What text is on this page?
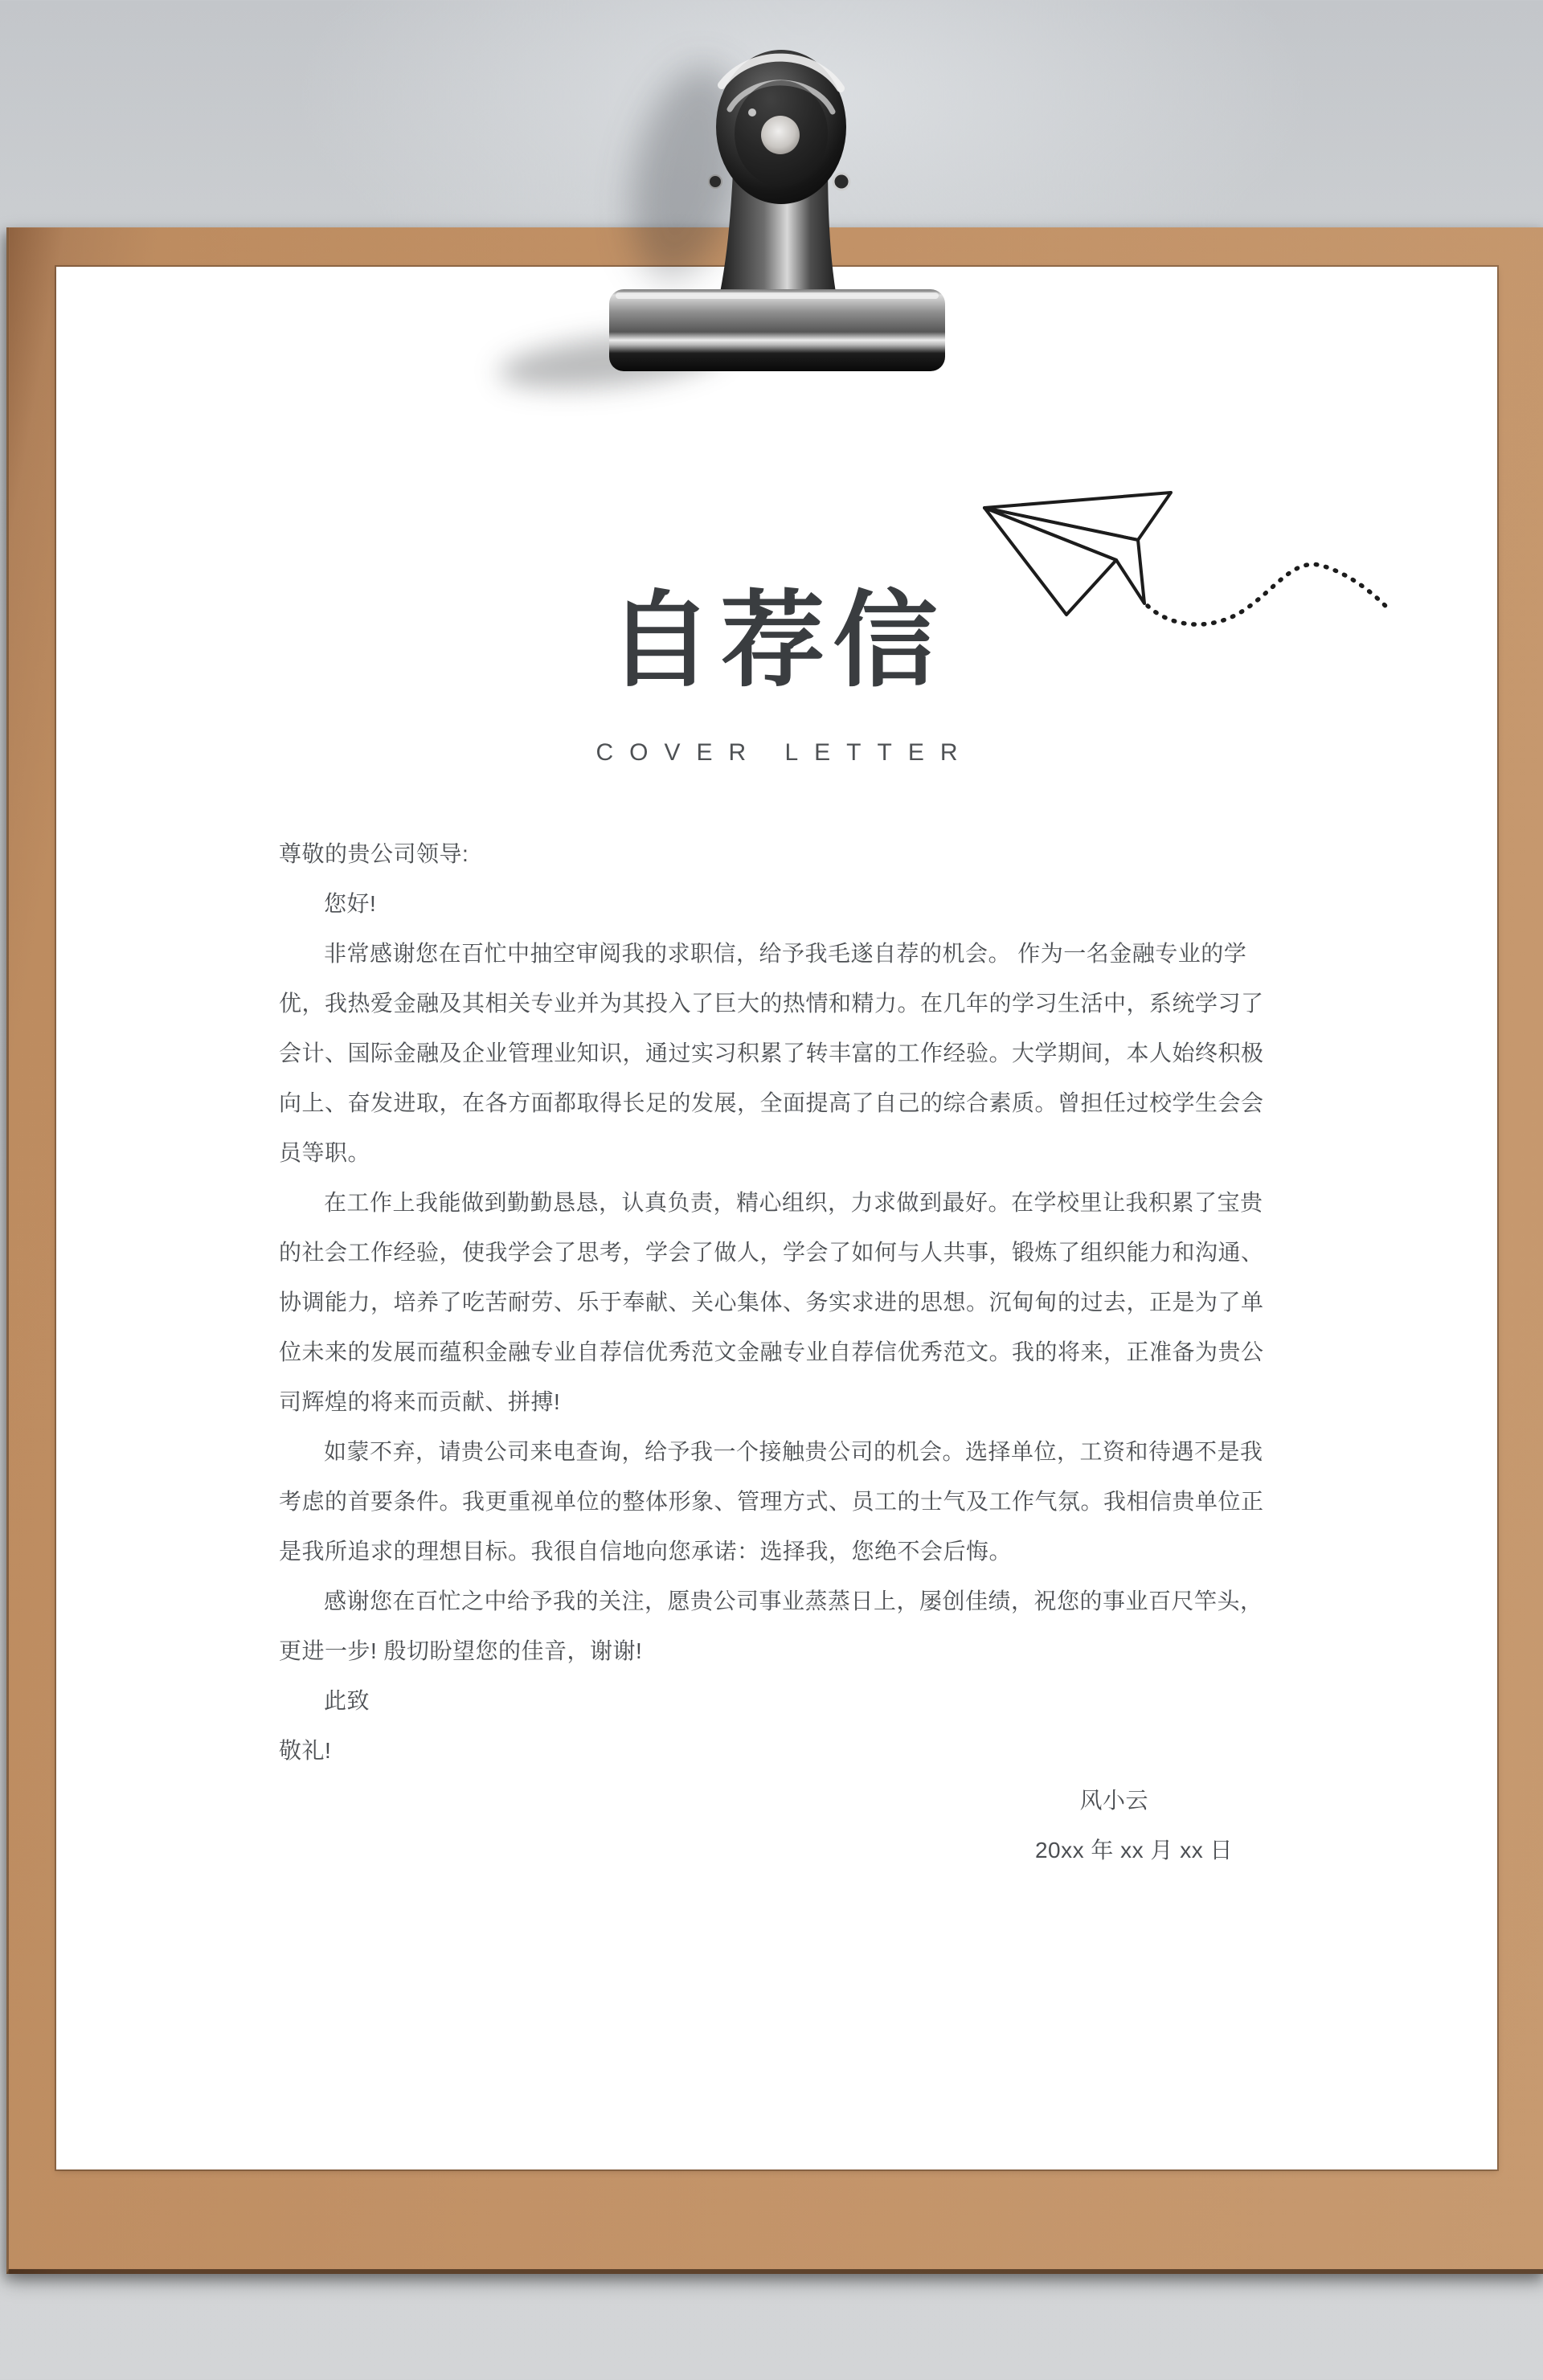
自荐信
COVER LETTER
尊敬的贵公司领导:
您好!
非常感谢您在百忙中抽空审阅我的求职信，给予我毛遂自荐的机会。 作为一名金融专业的学
优，我热爱金融及其相关专业并为其投入了巨大的热情和精力。在几年的学习生活中，系统学习了
会计、国际金融及企业管理业知识，通过实习积累了转丰富的工作经验。大学期间，本人始终积极
向上、奋发进取，在各方面都取得长足的发展，全面提高了自己的综合素质。曾担任过校学生会会
员等职。
在工作上我能做到勤勤恳恳，认真负责，精心组织，力求做到最好。在学校里让我积累了宝贵
的社会工作经验，使我学会了思考，学会了做人，学会了如何与人共事，锻炼了组织能力和沟通、
协调能力，培养了吃苦耐劳、乐于奉献、关心集体、务实求进的思想。沉甸甸的过去，正是为了单
位未来的发展而蕴积金融专业自荐信优秀范文金融专业自荐信优秀范文。我的将来，正准备为贵公
司辉煌的将来而贡献、拼搏!
如蒙不弃，请贵公司来电查询，给予我一个接触贵公司的机会。选择单位，工资和待遇不是我
考虑的首要条件。我更重视单位的整体形象、管理方式、员工的士气及工作气氛。我相信贵单位正
是我所追求的理想目标。我很自信地向您承诺：选择我，您绝不会后悔。
感谢您在百忙之中给予我的关注，愿贵公司事业蒸蒸日上，屡创佳绩，祝您的事业百尺竿头，
更进一步! 殷切盼望您的佳音，谢谢!
此致
敬礼!
风小云
20xx 年 xx 月 xx 日
